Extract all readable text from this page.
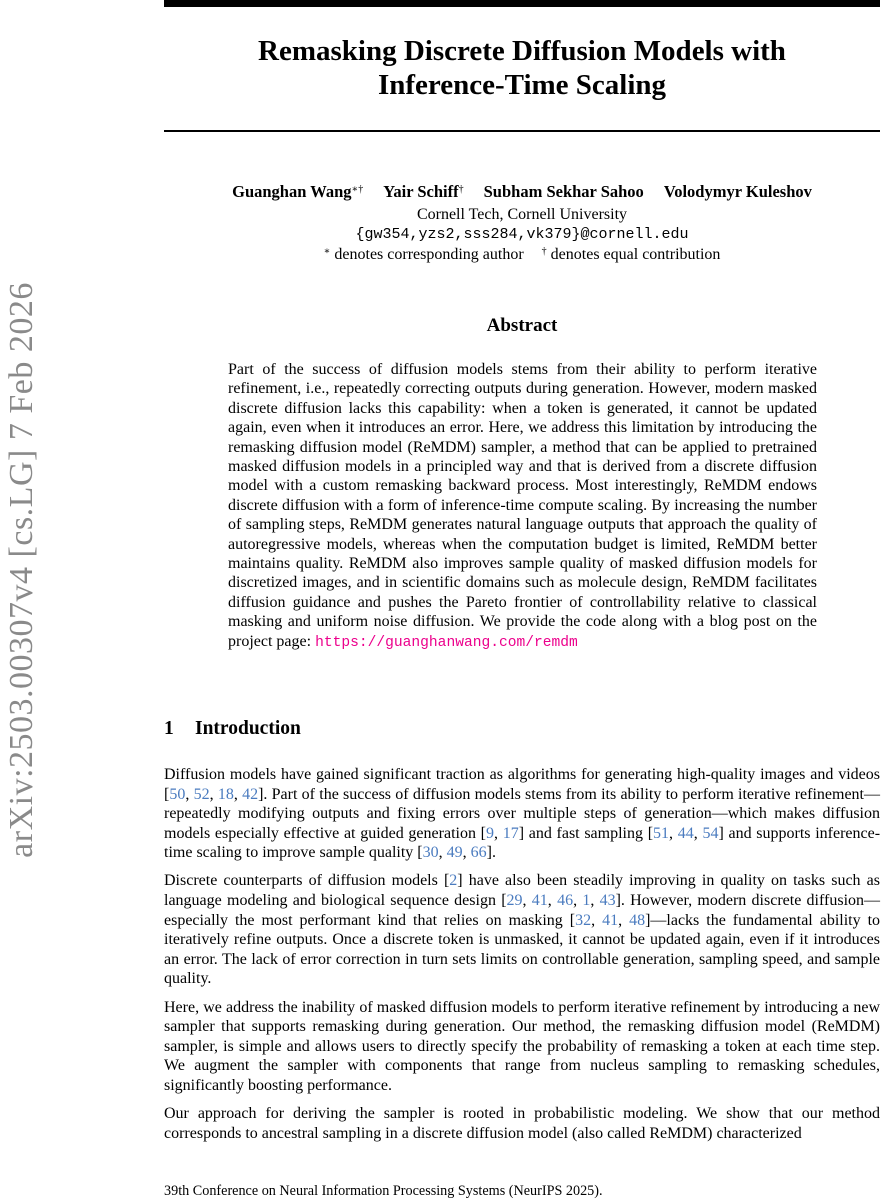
arXiv:2503.00307v4 [cs.LG] 7 Feb 2026
Remasking Discrete Diffusion Models with
Inference-Time Scaling
Guanghan Wang∗† Yair Schiff† Subham Sekhar Sahoo Volodymyr Kuleshov
Cornell Tech, Cornell University
{gw354,yzs2,sss284,vk379}@cornell.edu
∗ denotes corresponding author † denotes equal contribution
Abstract

Part of the success of diffusion models stems from their ability to perform iterative refinement, i.e., repeatedly correcting outputs during generation. However, modern masked discrete diffusion lacks this capability: when a token is generated, it cannot be updated again, even when it introduces an error. Here, we address this limitation by introducing the remasking diffusion model (ReMDM) sampler, a method that can be applied to pretrained masked diffusion models in a principled way and that is derived from a discrete diffusion model with a custom remasking backward process. Most interestingly, ReMDM endows discrete diffusion with a form of inference-time compute scaling. By increasing the number of sampling steps, ReMDM generates natural language outputs that approach the quality of autoregressive models, whereas when the computation budget is limited, ReMDM better maintains quality. ReMDM also improves sample quality of masked diffusion models for discretized images, and in scientific domains such as molecule design, ReMDM facilitates diffusion guidance and pushes the Pareto frontier of controllability relative to classical masking and uniform noise diffusion. We provide the code along with a blog post on the project page: https://guanghanwang.com/remdm

1 Introduction

Diffusion models have gained significant traction as algorithms for generating high-quality images and videos [50, 52, 18, 42]. Part of the success of diffusion models stems from its ability to perform iterative refinement—repeatedly modifying outputs and fixing errors over multiple steps of generation—which makes diffusion models especially effective at guided generation [9, 17] and fast sampling [51, 44, 54] and supports inference-time scaling to improve sample quality [30, 49, 66].

Discrete counterparts of diffusion models [2] have also been steadily improving in quality on tasks such as language modeling and biological sequence design [29, 41, 46, 1, 43]. However, modern discrete diffusion—especially the most performant kind that relies on masking [32, 41, 48]—lacks the fundamental ability to iteratively refine outputs. Once a discrete token is unmasked, it cannot be updated again, even if it introduces an error. The lack of error correction in turn sets limits on controllable generation, sampling speed, and sample quality.

Here, we address the inability of masked diffusion models to perform iterative refinement by introducing a new sampler that supports remasking during generation. Our method, the remasking diffusion model (ReMDM) sampler, is simple and allows users to directly specify the probability of remasking a token at each time step. We augment the sampler with components that range from nucleus sampling to remasking schedules, significantly boosting performance.

Our approach for deriving the sampler is rooted in probabilistic modeling. We show that our method corresponds to ancestral sampling in a discrete diffusion model (also called ReMDM) characterized

39th Conference on Neural Information Processing Systems (NeurIPS 2025).
